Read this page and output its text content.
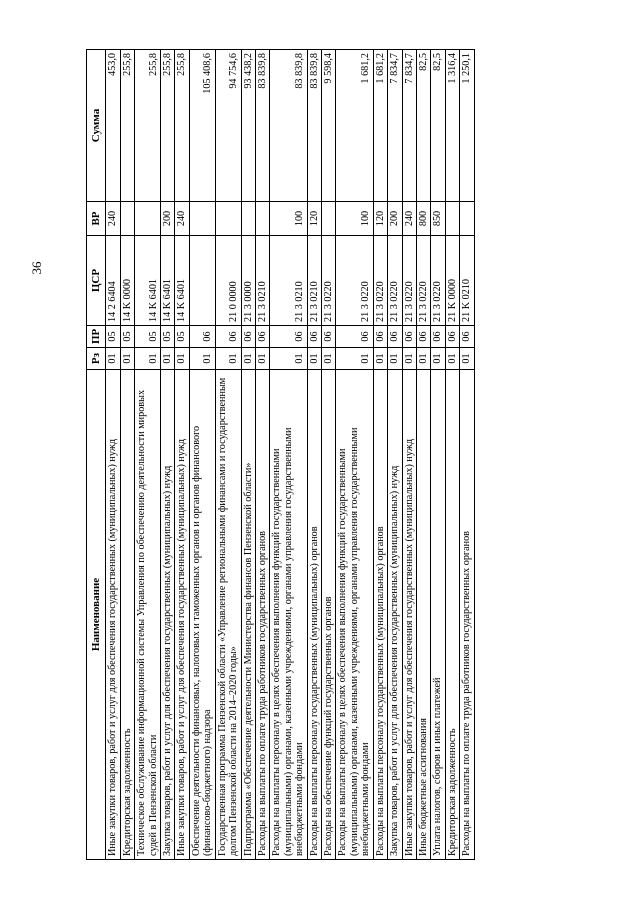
36
Наименование	Рз	ПР	ЦСР	ВР	Сумма
Иные закупки товаров, работ и услуг для обеспечения государственных (муниципальных) нужд	01	05	14 2 6404	240	453,0
Кредиторская задолженность	01	05	14 K 0000		255,8
Техническое обслуживание информационной системы Управления по обеспечению деятельности мировых судей в Пензенской области	01	05	14 K 6401		255,8
Закупка товаров, работ и услуг для обеспечения государственных (муниципальных) нужд	01	05	14 K 6401	200	255,8
Иные закупки товаров, работ и услуг для обеспечения государственных (муниципальных) нужд	01	05	14 K 6401	240	255,8
Обеспечение деятельности финансовых, налоговых и таможенных органов и органов финансового (финансово-бюджетного) надзора	01	06			105 408,6
Государственная программа Пензенской области «Управление региональными финансами и государственным долгом Пензенской области на 2014–2020 годы»	01	06	21 0 0000		94 754,6
Подпрограмма «Обеспечение деятельности Министерства финансов Пензенской области»	01	06	21 3 0000		93 438,2
Расходы на выплаты по оплате труда работников государственных органов	01	06	21 3 0210		83 839,8
Расходы на выплаты персоналу в целях обеспечения выполнения функций государственными (муниципальными) органами, казенными учреждениями, органами управления государственными внебюджетными фондами	01	06	21 3 0210	100	83 839,8
Расходы на выплаты персоналу государственных (муниципальных) органов	01	06	21 3 0210	120	83 839,8
Расходы на обеспечение функций государственных органов	01	06	21 3 0220		9 598,4
Расходы на выплаты персоналу в целях обеспечения выполнения функций государственными (муниципальными) органами, казенными учреждениями, органами управления государственными внебюджетными фондами	01	06	21 3 0220	100	1 681,2
Расходы на выплаты персоналу государственных (муниципальных) органов	01	06	21 3 0220	120	1 681,2
Закупка товаров, работ и услуг для обеспечения государственных (муниципальных) нужд	01	06	21 3 0220	200	7 834,7
Иные закупки товаров, работ и услуг для обеспечения государственных (муниципальных) нужд	01	06	21 3 0220	240	7 834,7
Иные бюджетные ассигнования	01	06	21 3 0220	800	82,5
Уплата налогов, сборов и иных платежей	01	06	21 3 0220	850	82,5
Кредиторская задолженность	01	06	21 K 0000		1 316,4
Расходы на выплаты по оплате труда работников государственных органов	01	06	21 K 0210		1 250,1
